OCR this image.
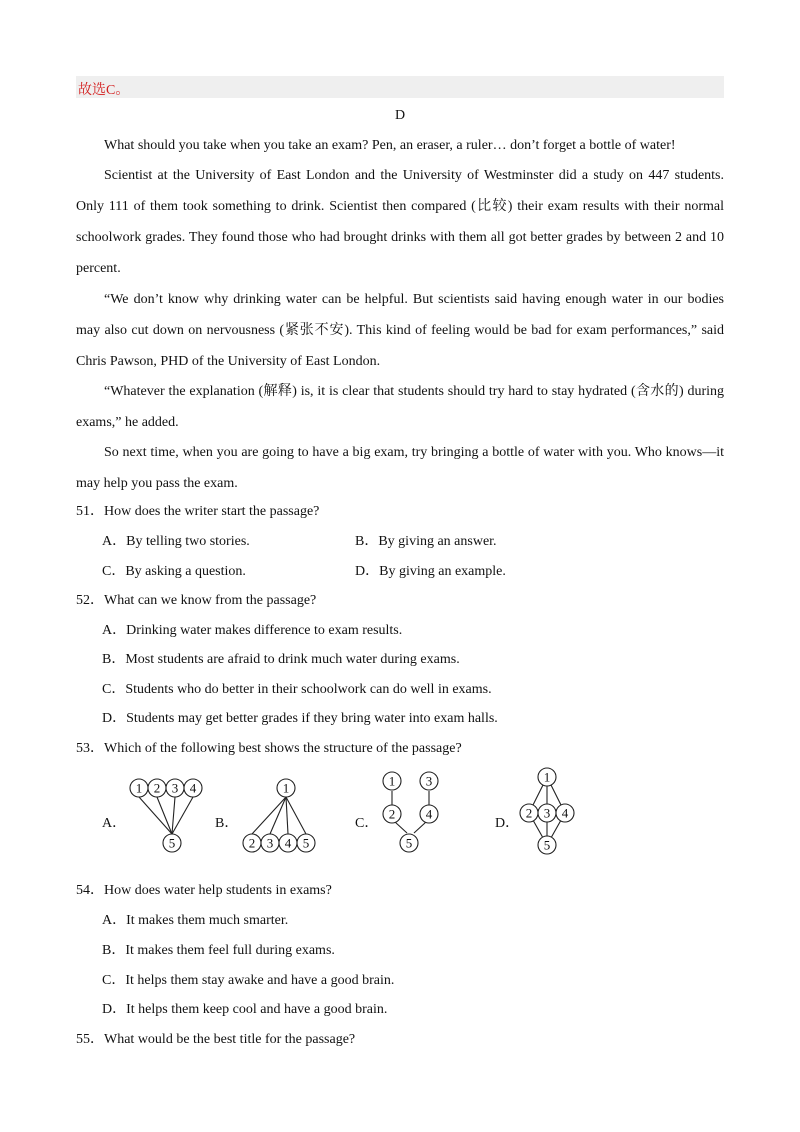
故选C。
D

What should you take when you take an exam? Pen, an eraser, a ruler… don’t forget a bottle of water!

Scientist at the University of East London and the University of Westminster did a study on 447 students. Only 111 of them took something to drink. Scientist then compared (比较) their exam results with their normal schoolwork grades. They found those who had brought drinks with them all got better grades by between 2 and 10 percent.

“We don’t know why drinking water can be helpful. But scientists said having enough water in our bodies may also cut down on nervousness (紧张不安). This kind of feeling would be bad for exam performances,” said Chris Pawson, PHD of the University of East London.

“Whatever the explanation (解释) is, it is clear that students should try hard to stay hydrated (含水的) during exams,” he added.

So next time, when you are going to have a big exam, try bringing a bottle of water with you. Who knows—it may help you pass the exam.

51．How does the writer start the passage?
A．By telling two stories.	B．By giving an answer.
C．By asking a question.	D．By giving an example.
52．What can we know from the passage?
A．Drinking water makes difference to exam results.
B．Most students are afraid to drink much water during exams.
C．Students who do better in their schoolwork can do well in exams.
D．Students may get better grades if they bring water into exam halls.
53．Which of the following best shows the structure of the passage?
A．
1 2 3 4
5
B．
1
2 3 4 5
C．
1 3
2 4
5
D．
1
2 3 4
5
54．How does water help students in exams?
A．It makes them much smarter.
B．It makes them feel full during exams.
C．It helps them stay awake and have a good brain.
D．It helps them keep cool and have a good brain.
55．What would be the best title for the passage?
